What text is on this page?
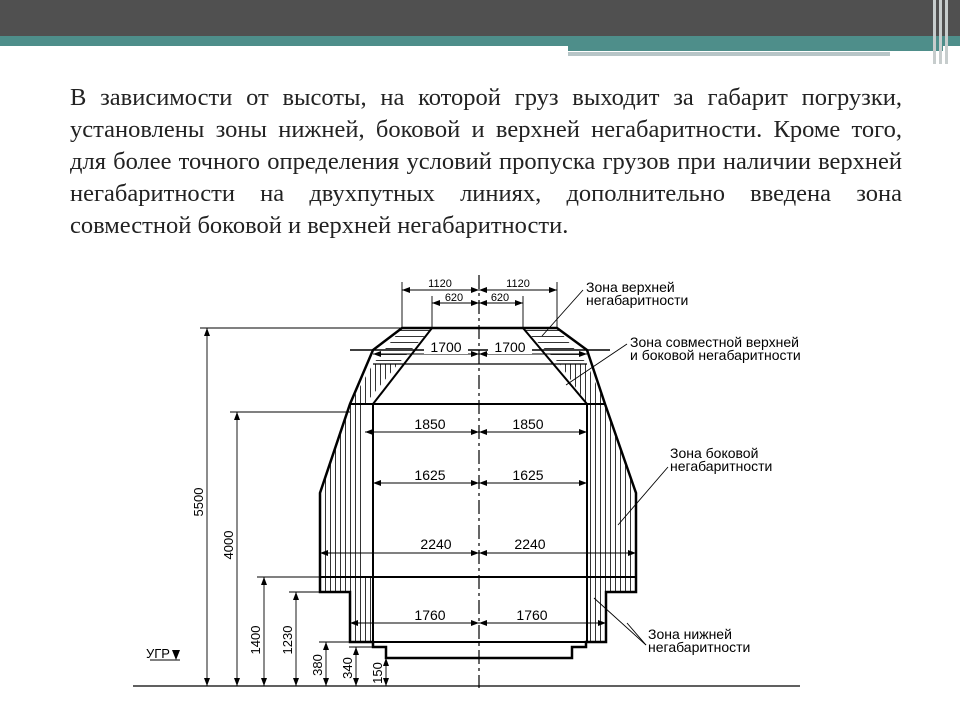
В зависимости от высоты, на которой груз выходит за габарит погрузки, установлены зоны нижней, боковой и верхней негабаритности. Кроме того, для более точного определения условий пропуска грузов при наличии верхней негабаритности на двухпутных линиях, дополнительно введена зона совместной боковой и верхней негабаритности.

1120	1120
620	620
1700 1700
1850	1850
1625	1625
2240	2240
1760	1760
5500
4000
1400 1230
380 340 150
УГР
Зона верхней
негабаритности
Зона совместной верхней
и боковой негабаритности
Зона боковой
негабаритности
Зона нижней
негабаритности
